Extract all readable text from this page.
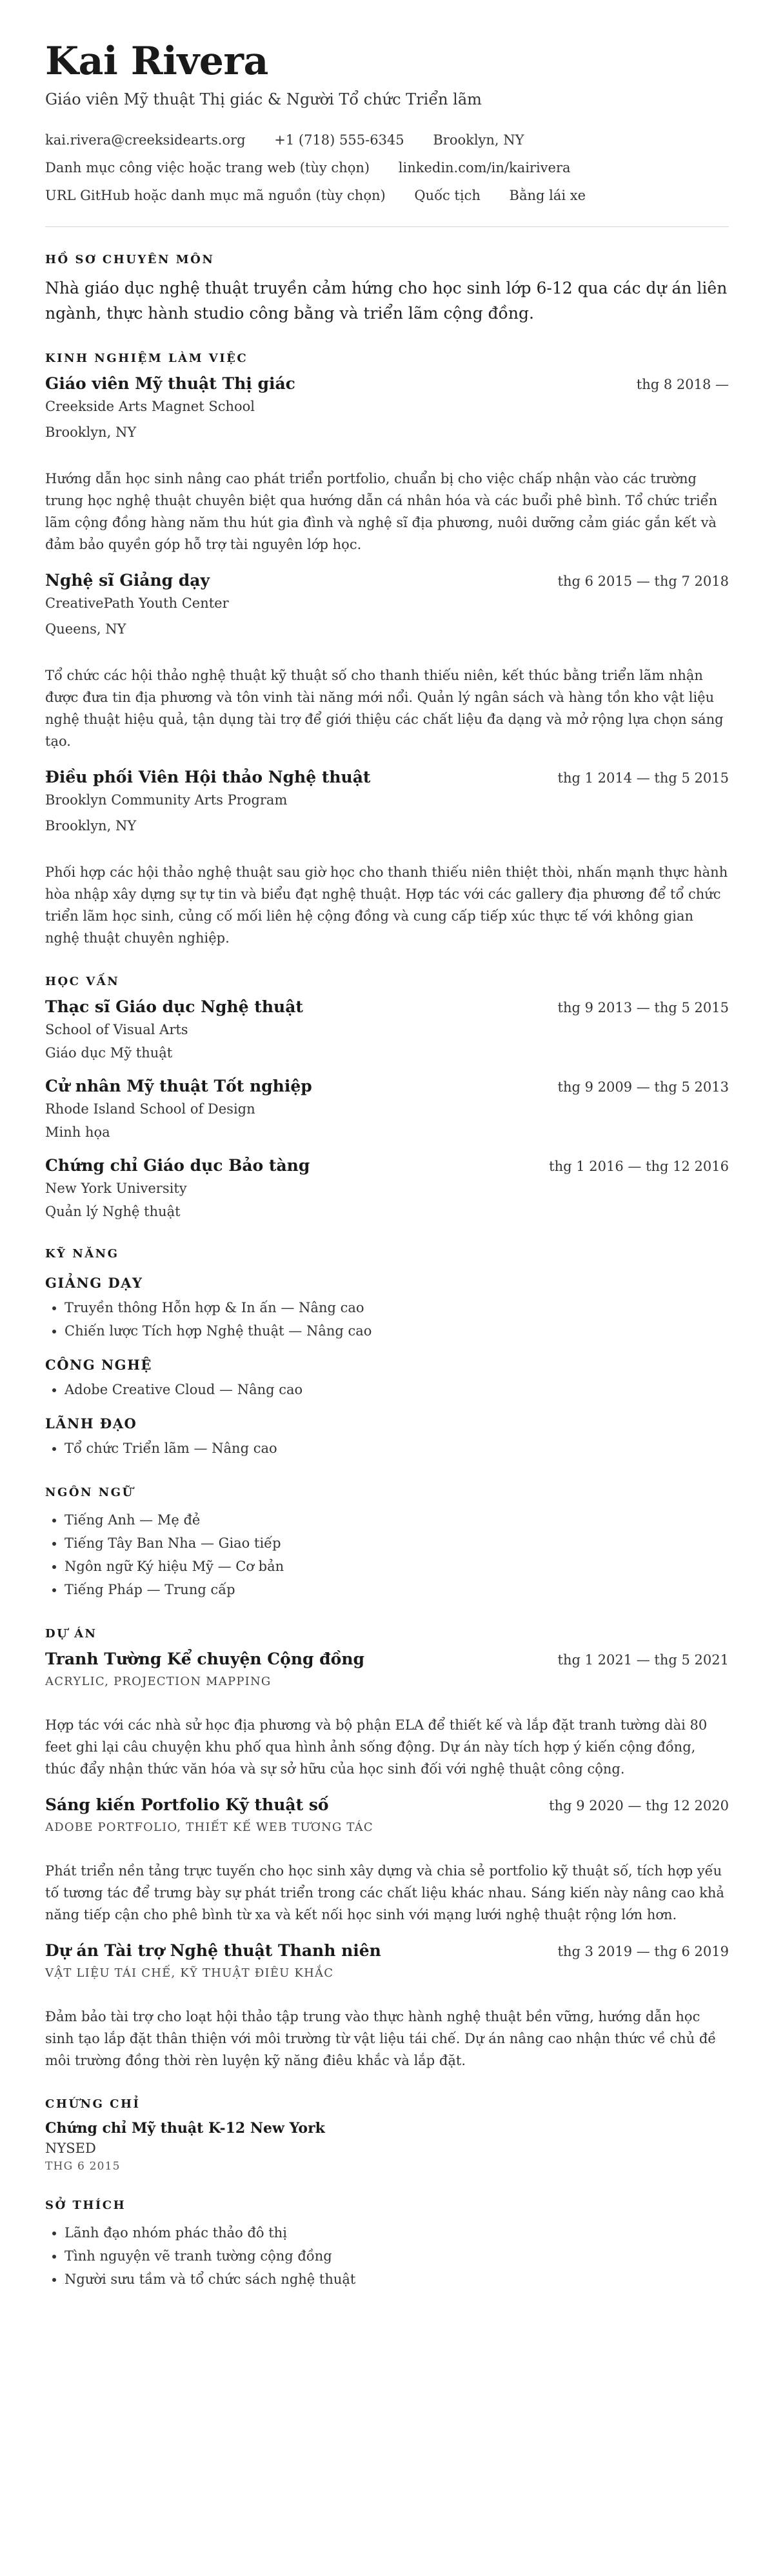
Kai Rivera
Giáo viên Mỹ thuật Thị giác & Người Tổ chức Triển lãm
kai.rivera@creeksidearts.org +1 (718) 555-6345 Brooklyn, NY
Danh mục công việc hoặc trang web (tùy chọn) linkedin.com/in/kairivera
URL GitHub hoặc danh mục mã nguồn (tùy chọn) Quốc tịch Bằng lái xe
HỒ SƠ CHUYÊN MÔN

Nhà giáo dục nghệ thuật truyền cảm hứng cho học sinh lớp 6-12 qua các dự án liên ngành, thực hành studio công bằng và triển lãm cộng đồng.

KINH NGHIỆM LÀM VIỆC
Giáo viên Mỹ thuật Thị giác	thg 8 2018 —
Creekside Arts Magnet School
Brooklyn, NY
Hướng dẫn học sinh nâng cao phát triển portfolio, chuẩn bị cho việc chấp nhận vào các trường trung học nghệ thuật chuyên biệt qua hướng dẫn cá nhân hóa và các buổi phê bình. Tổ chức triển lãm cộng đồng hàng năm thu hút gia đình và nghệ sĩ địa phương, nuôi dưỡng cảm giác gắn kết và đảm bảo quyền góp hỗ trợ tài nguyên lớp học.
Nghệ sĩ Giảng dạy	thg 6 2015 — thg 7 2018
CreativePath Youth Center
Queens, NY
Tổ chức các hội thảo nghệ thuật kỹ thuật số cho thanh thiếu niên, kết thúc bằng triển lãm nhận được đưa tin địa phương và tôn vinh tài năng mới nổi. Quản lý ngân sách và hàng tồn kho vật liệu nghệ thuật hiệu quả, tận dụng tài trợ để giới thiệu các chất liệu đa dạng và mở rộng lựa chọn sáng tạo.
Điều phối Viên Hội thảo Nghệ thuật	thg 1 2014 — thg 5 2015
Brooklyn Community Arts Program
Brooklyn, NY
Phối hợp các hội thảo nghệ thuật sau giờ học cho thanh thiếu niên thiệt thòi, nhấn mạnh thực hành hòa nhập xây dựng sự tự tin và biểu đạt nghệ thuật. Hợp tác với các gallery địa phương để tổ chức triển lãm học sinh, củng cố mối liên hệ cộng đồng và cung cấp tiếp xúc thực tế với không gian nghệ thuật chuyên nghiệp.
HỌC VẤN
Thạc sĩ Giáo dục Nghệ thuật	thg 9 2013 — thg 5 2015
School of Visual Arts
Giáo dục Mỹ thuật
Cử nhân Mỹ thuật Tốt nghiệp	thg 9 2009 — thg 5 2013
Rhode Island School of Design
Minh họa
Chứng chỉ Giáo dục Bảo tàng	thg 1 2016 — thg 12 2016
New York University
Quản lý Nghệ thuật
KỸ NĂNG
GIẢNG DẠY
• Truyền thông Hỗn hợp & In ấn — Nâng cao
• Chiến lược Tích hợp Nghệ thuật — Nâng cao
CÔNG NGHỆ
• Adobe Creative Cloud — Nâng cao
LÃNH ĐẠO
• Tổ chức Triển lãm — Nâng cao
NGÔN NGỮ
• Tiếng Anh — Mẹ đẻ
• Tiếng Tây Ban Nha — Giao tiếp
• Ngôn ngữ Ký hiệu Mỹ — Cơ bản
• Tiếng Pháp — Trung cấp
DỰ ÁN
Tranh Tường Kể chuyện Cộng đồng	thg 1 2021 — thg 5 2021
ACRYLIC, PROJECTION MAPPING
Hợp tác với các nhà sử học địa phương và bộ phận ELA để thiết kế và lắp đặt tranh tường dài 80 feet ghi lại câu chuyện khu phố qua hình ảnh sống động. Dự án này tích hợp ý kiến cộng đồng, thúc đẩy nhận thức văn hóa và sự sở hữu của học sinh đối với nghệ thuật công cộng.
Sáng kiến Portfolio Kỹ thuật số	thg 9 2020 — thg 12 2020
ADOBE PORTFOLIO, THIẾT KẾ WEB TƯƠNG TÁC
Phát triển nền tảng trực tuyến cho học sinh xây dựng và chia sẻ portfolio kỹ thuật số, tích hợp yếu tố tương tác để trưng bày sự phát triển trong các chất liệu khác nhau. Sáng kiến này nâng cao khả năng tiếp cận cho phê bình từ xa và kết nối học sinh với mạng lưới nghệ thuật rộng lớn hơn.
Dự án Tài trợ Nghệ thuật Thanh niên	thg 3 2019 — thg 6 2019
VẬT LIỆU TÁI CHẾ, KỸ THUẬT ĐIÊU KHẮC
Đảm bảo tài trợ cho loạt hội thảo tập trung vào thực hành nghệ thuật bền vững, hướng dẫn học sinh tạo lắp đặt thân thiện với môi trường từ vật liệu tái chế. Dự án nâng cao nhận thức về chủ đề môi trường đồng thời rèn luyện kỹ năng điêu khắc và lắp đặt.
CHỨNG CHỈ
Chứng chỉ Mỹ thuật K-12 New York
NYSED
THG 6 2015
SỞ THÍCH
• Lãnh đạo nhóm phác thảo đô thị
• Tình nguyện vẽ tranh tường cộng đồng
• Người sưu tầm và tổ chức sách nghệ thuật
